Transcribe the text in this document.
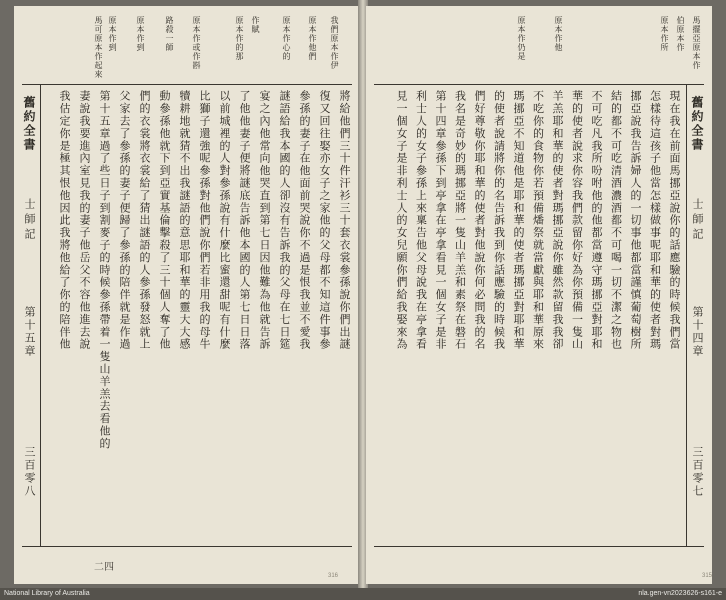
馬可原本作起來 原本作到 原本作到	路殺一師 原本作或作斟	原本作的那 作賦	原本作心的 原本作他們 我們原本作伊
舊約全書
士師記
第十五章
三百零八
將給他們三十件汗衫三十套衣裳參孫說你們出謎
復又回往娶亦女子之家他的父母都不知這件事參
參孫的妻子在他面前哭說你不過是恨我並不愛我
謎語給我本國的人卻沒有告訴我的父母在七日筵
宴之內他常向他哭直到第七日因他難為他就告訴
了他他妻子便將謎底告訴他本國的人第七日日落
以前城裡的人對參孫說有什麼比蜜還甜呢有什麼
比獅子還強呢參孫對他們說你們若非用我的母牛
犢耕地就猜不出我謎語的意思耶和華的靈大大感
動參孫他就下到亞實基倫擊殺了三十個人奪了他
們的衣裳將衣裳給了猜出謎語的人參孫發怒就上
父家去了參孫的妻子便歸了參孫的陪伴就是作過
第十五章過了些日子到割麥子的時候參孫帶着一隻山羊羔去看他的
妻說我要進內室見我的妻子他岳父不容他進去說
我估定你是極其恨他因此我將他給了你的陪伴他
二四
316
馬擺亞原本作
伯原本作
原本作所
原本作他
原本作仍是
舊約全書
士師記
第十四章
三百零七
現在我在前面馬挪亞說你的話應驗的時候我們當
怎樣待這孩子他當怎樣做事呢耶和華的使者對瑪
挪亞說我告訴婦人的一切事他都當謹慎葡萄樹所
結的都不可吃清酒濃酒都不可喝一切不潔之物也
不可吃凡我所吩咐他的他都當遵守瑪挪亞對耶和
華的使者說求你容我們款留你好為你預備一隻山
羊羔耶和華的使者對瑪挪亞說你雖然款留我我卻
不吃你的食物你若預備燔祭就當獻與耶和華原來
瑪挪亞不知道他是耶和華的使者瑪挪亞對耶和華
的使者說請將你的名告訴我到你話應驗的時候我
們好尊敬你耶和華的使者對他說你何必問我的名
我名是奇妙的瑪挪亞將一隻山羊羔和素祭在磐石
第十四章參孫下到亭拿在亭拿看見一個女子是非
利士人的女子參孫上來稟告他父母說我在亭拿看
見一個女子是非利士人的女兒願你們給我娶來為
315
National Library of Australia	nla.gen-vn2023626-s161-e
